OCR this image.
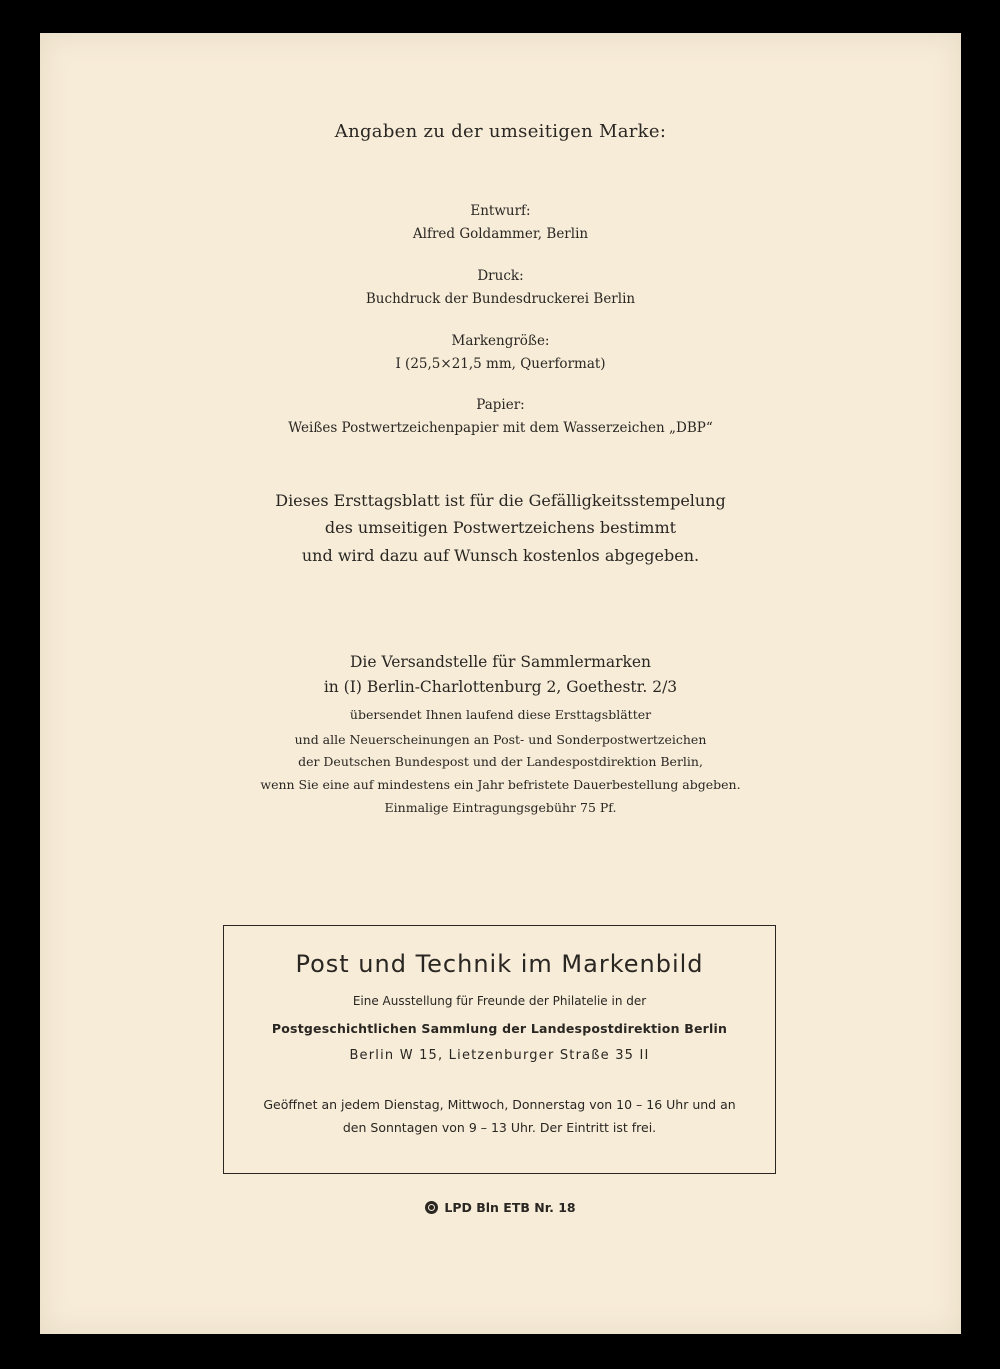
Angaben zu der umseitigen Marke:
Entwurf:
Alfred Goldammer, Berlin
Druck:
Buchdruck der Bundesdruckerei Berlin
Markengröße:
I (25,5×21,5 mm, Querformat)
Papier:
Weißes Postwertzeichenpapier mit dem Wasserzeichen „DBP“
Dieses Ersttagsblatt ist für die Gefälligkeitsstempelung
des umseitigen Postwertzeichens bestimmt
und wird dazu auf Wunsch kostenlos abgegeben.
Die Versandstelle für Sammlermarken
in (I) Berlin-Charlottenburg 2, Goethestr. 2/3
übersendet Ihnen laufend diese Ersttagsblätter
und alle Neuerscheinungen an Post- und Sonderpostwertzeichen
der Deutschen Bundespost und der Landespostdirektion Berlin,
wenn Sie eine auf mindestens ein Jahr befristete Dauerbestellung abgeben.
Einmalige Eintragungsgebühr 75 Pf.
Post und Technik im Markenbild
Eine Ausstellung für Freunde der Philatelie in der
Postgeschichtlichen Sammlung der Landespostdirektion Berlin
Berlin W 15, Lietzenburger Straße 35 II
Geöffnet an jedem Dienstag, Mittwoch, Donnerstag von 10 – 16 Uhr und an
den Sonntagen von 9 – 13 Uhr. Der Eintritt ist frei.
LPD Bln ETB Nr. 18
